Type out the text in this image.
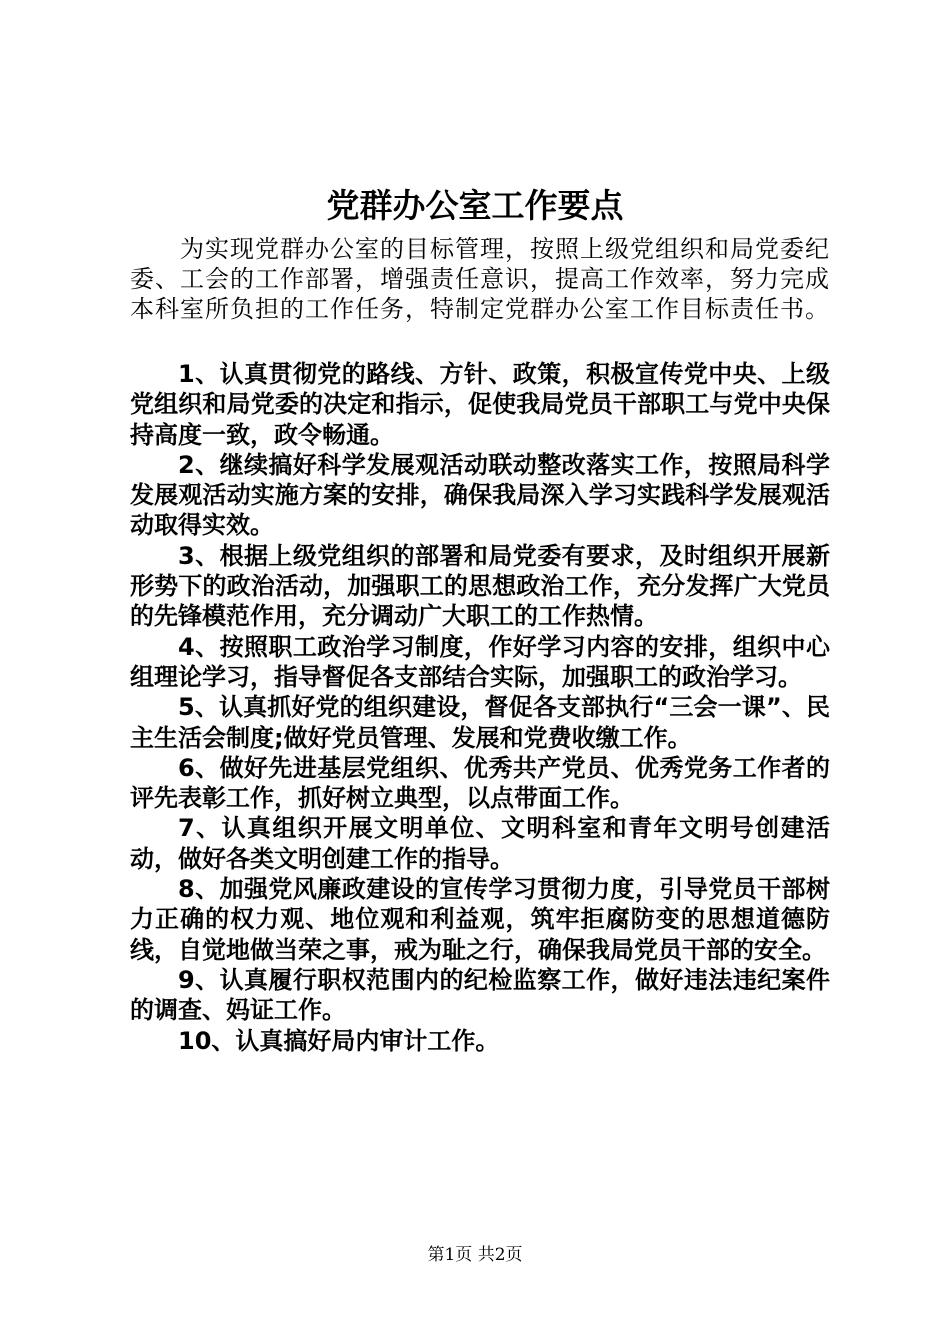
党群办公室工作要点

为实现党群办公室的目标管理，按照上级党组织和局党委纪委、工会的工作部署，增强责任意识，提高工作效率，努力完成本科室所负担的工作任务，特制定党群办公室工作目标责任书。

1、认真贯彻党的路线、方针、政策，积极宣传党中央、上级党组织和局党委的决定和指示，促使我局党员干部职工与党中央保持高度一致，政令畅通。
2、继续搞好科学发展观活动联动整改落实工作，按照局科学发展观活动实施方案的安排，确保我局深入学习实践科学发展观活动取得实效。
3、根据上级党组织的部署和局党委有要求，及时组织开展新形势下的政治活动，加强职工的思想政治工作，充分发挥广大党员的先锋模范作用，充分调动广大职工的工作热情。
4、按照职工政治学习制度，作好学习内容的安排，组织中心组理论学习，指导督促各支部结合实际，加强职工的政治学习。
5、认真抓好党的组织建设，督促各支部执行“三会一课”、民主生活会制度;做好党员管理、发展和党费收缴工作。
6、做好先进基层党组织、优秀共产党员、优秀党务工作者的评先表彰工作，抓好树立典型，以点带面工作。
7、认真组织开展文明单位、文明科室和青年文明号创建活动，做好各类文明创建工作的指导。
8、加强党风廉政建设的宣传学习贯彻力度，引导党员干部树力正确的权力观、地位观和利益观，筑牢拒腐防变的思想道德防线，自觉地做当荣之事，戒为耻之行，确保我局党员干部的安全。
9、认真履行职权范围内的纪检监察工作，做好违法违纪案件的调查、妈证工作。
10、认真搞好局内审计工作。
第1页 共2页
